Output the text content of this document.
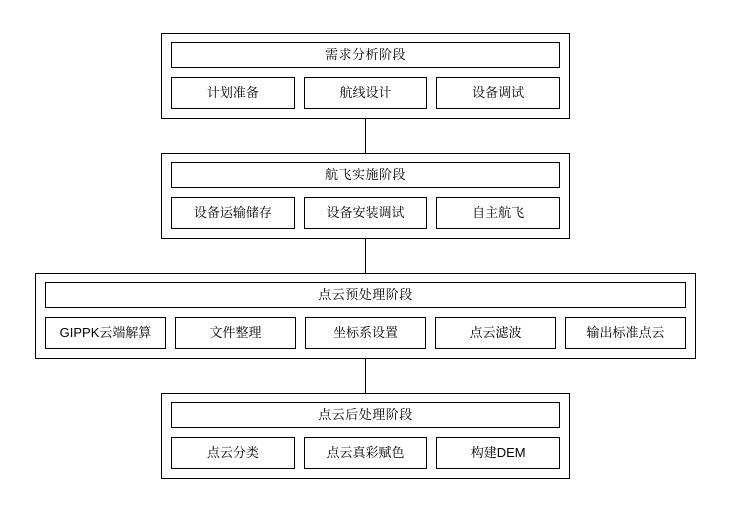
需求分析阶段
计划准备	航线设计	设备调试
航飞实施阶段
设备运输储存	设备安装调试	自主航飞
点云预处理阶段
GIPPK云端解算	文件整理	坐标系设置	点云滤波	输出标准点云
点云后处理阶段
点云分类	点云真彩赋色	构建DEM
